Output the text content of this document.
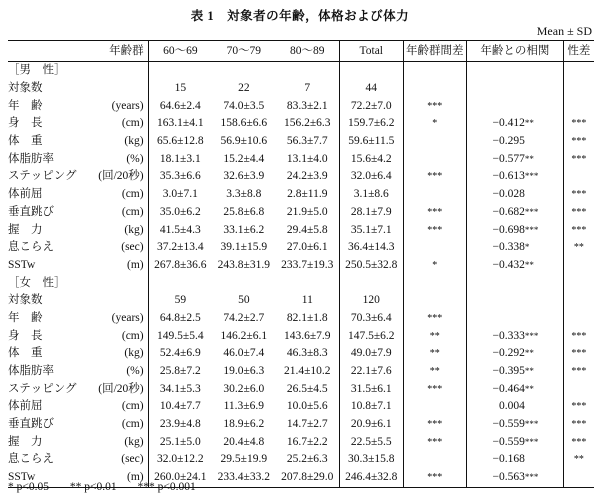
表 1　対象者の年齢，体格および体力
Mean ± SD
	年齢群	60〜69	70〜79	80〜89	Total	年齢群間差	年齢との相関	性差
［男　性］								
対象数		15	22	7	44			
年　齢	(years)	64.6±2.4	74.0±3.5	83.3±2.1	72.2±7.0	***		
身　長	(cm)	163.1±4.1	158.6±6.6	156.2±6.3	159.7±6.2	*	−0.412**	***
体　重	(kg)	65.6±12.8	56.9±10.6	56.3±7.7	59.6±11.5		−0.295	***
体脂肪率	(%)	18.1±3.1	15.2±4.4	13.1±4.0	15.6±4.2		−0.577**	***
ステッピング	(回/20秒)	35.3±6.6	32.6±3.9	24.2±3.9	32.0±6.4	***	−0.613***	
体前屈	(cm)	3.0±7.1	3.3±8.8	2.8±11.9	3.1±8.6		−0.028	***
垂直跳び	(cm)	35.0±6.2	25.8±6.8	21.9±5.0	28.1±7.9	***	−0.682***	***
握　力	(kg)	41.5±4.3	33.1±6.2	29.4±5.8	35.1±7.1	***	−0.698***	***
息こらえ	(sec)	37.2±13.4	39.1±15.9	27.0±6.1	36.4±14.3		−0.338*	**
SSTw	(m)	267.8±36.6	243.8±31.9	233.7±19.3	250.5±32.8	*	−0.432**	
［女　性］								
対象数		59	50	11	120			
年　齢	(years)	64.8±2.5	74.2±2.7	82.1±1.8	70.3±6.4	***		
身　長	(cm)	149.5±5.4	146.2±6.1	143.6±7.9	147.5±6.2	**	−0.333***	***
体　重	(kg)	52.4±6.9	46.0±7.4	46.3±8.3	49.0±7.9	**	−0.292**	***
体脂肪率	(%)	25.8±7.2	19.0±6.3	21.4±10.2	22.1±7.6	**	−0.395**	***
ステッピング	(回/20秒)	34.1±5.3	30.2±6.0	26.5±4.5	31.5±6.1	***	−0.464**	
体前屈	(cm)	10.4±7.7	11.3±6.9	10.0±5.6	10.8±7.1		0.004	***
垂直跳び	(cm)	23.9±4.8	18.9±6.2	14.7±2.7	20.9±6.1	***	−0.559***	***
握　力	(kg)	25.1±5.0	20.4±4.8	16.7±2.2	22.5±5.5	***	−0.559***	***
息こらえ	(sec)	32.0±12.2	29.5±19.9	25.2±6.3	30.3±15.8		−0.168	**
SSTw	(m)	260.0±24.1	233.4±33.2	207.8±29.0	246.4±32.8	***	−0.563***	
* p<0.05 ** p<0.01 *** p<0.001
